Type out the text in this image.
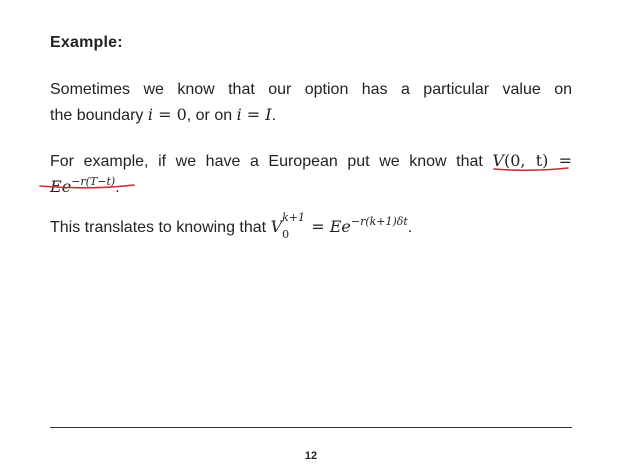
Example:
Sometimes we know that our option has a particular value on
the boundary i = 0, or on i = I.
For example, if we have a European put we know that V(0, t) =
$Ee^{-r(T-t)}$.
This translates to knowing that V k+1
$0 = Ee^{-r(k+1)\delta t}$.
12
